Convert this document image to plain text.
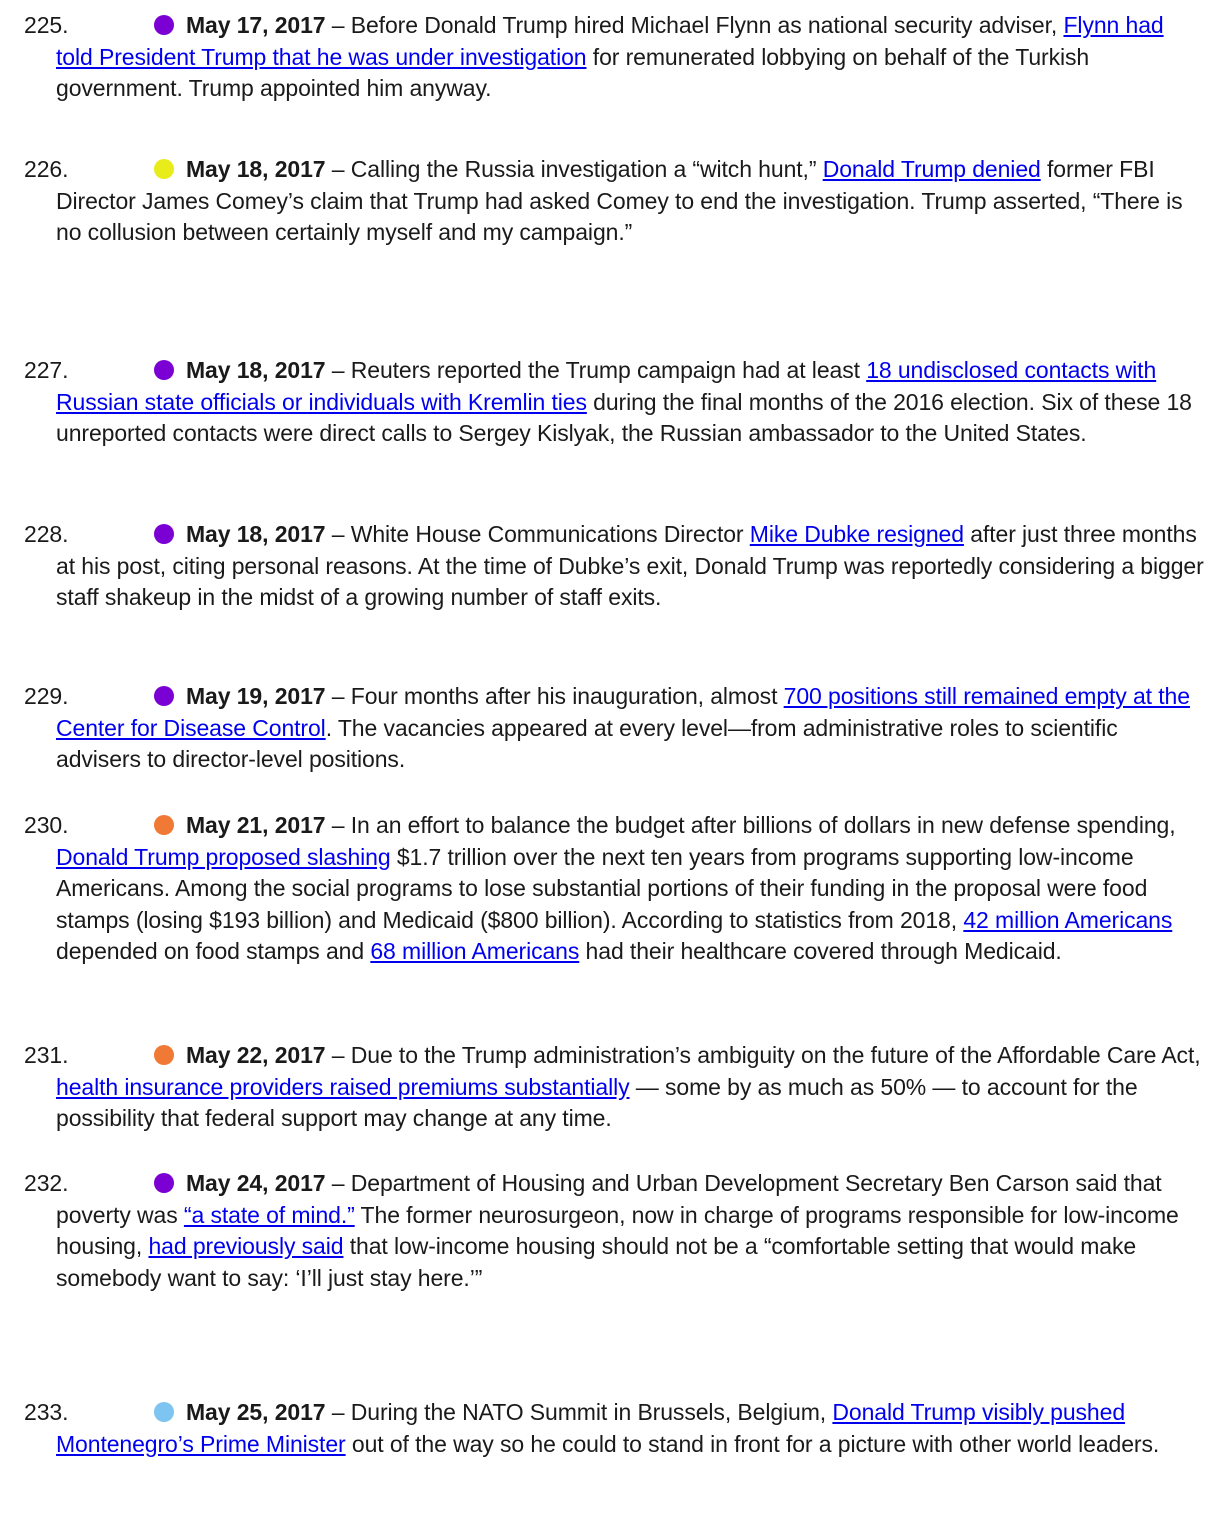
225.	May 17, 2017 – Before Donald Trump hired Michael Flynn as national security adviser, Flynn had told President Trump that he was under investigation for remunerated lobbying on behalf of the Turkish government. Trump appointed him anyway.
226.	May 18, 2017 – Calling the Russia investigation a “witch hunt,” Donald Trump denied former FBI Director James Comey’s claim that Trump had asked Comey to end the investigation. Trump asserted, “There is no collusion between certainly myself and my campaign.”
227.	May 18, 2017 – Reuters reported the Trump campaign had at least 18 undisclosed contacts with Russian state officials or individuals with Kremlin ties during the final months of the 2016 election. Six of these 18 unreported contacts were direct calls to Sergey Kislyak, the Russian ambassador to the United States.
228.	May 18, 2017 – White House Communications Director Mike Dubke resigned after just three months at his post, citing personal reasons. At the time of Dubke’s exit, Donald Trump was reportedly considering a bigger staff shakeup in the midst of a growing number of staff exits.
229.	May 19, 2017 – Four months after his inauguration, almost 700 positions still remained empty at the Center for Disease Control. The vacancies appeared at every level—from administrative roles to scientific advisers to director-level positions.
230.	May 21, 2017 – In an effort to balance the budget after billions of dollars in new defense spending, Donald Trump proposed slashing $1.7 trillion over the next ten years from programs supporting low-income Americans. Among the social programs to lose substantial portions of their funding in the proposal were food stamps (losing $193 billion) and Medicaid ($800 billion). According to statistics from 2018, 42 million Americans depended on food stamps and 68 million Americans had their healthcare covered through Medicaid.
231.	May 22, 2017 – Due to the Trump administration’s ambiguity on the future of the Affordable Care Act, health insurance providers raised premiums substantially — some by as much as 50% — to account for the possibility that federal support may change at any time.
232.	May 24, 2017 – Department of Housing and Urban Development Secretary Ben Carson said that poverty was “a state of mind.” The former neurosurgeon, now in charge of programs responsible for low-income housing, had previously said that low-income housing should not be a “comfortable setting that would make somebody want to say: ‘I’ll just stay here.’”
233.	May 25, 2017 – During the NATO Summit in Brussels, Belgium, Donald Trump visibly pushed Montenegro’s Prime Minister out of the way so he could to stand in front for a picture with other world leaders.
